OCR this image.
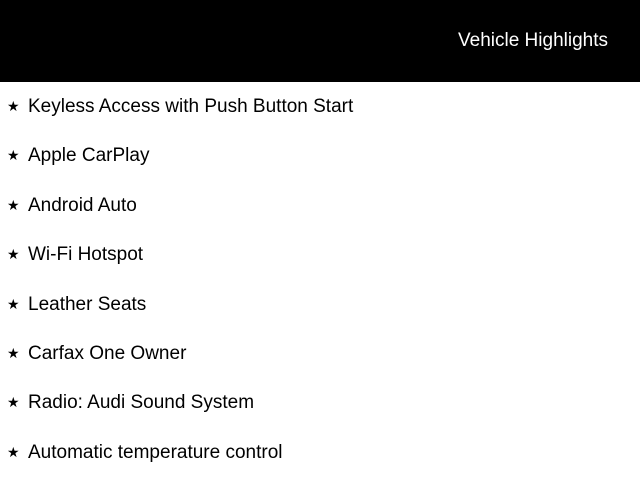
Vehicle Highlights
★ Keyless Access with Push Button Start
★ Apple CarPlay
★ Android Auto
★ Wi-Fi Hotspot
★ Leather Seats
★ Carfax One Owner
★ Radio: Audi Sound System
★ Automatic temperature control
